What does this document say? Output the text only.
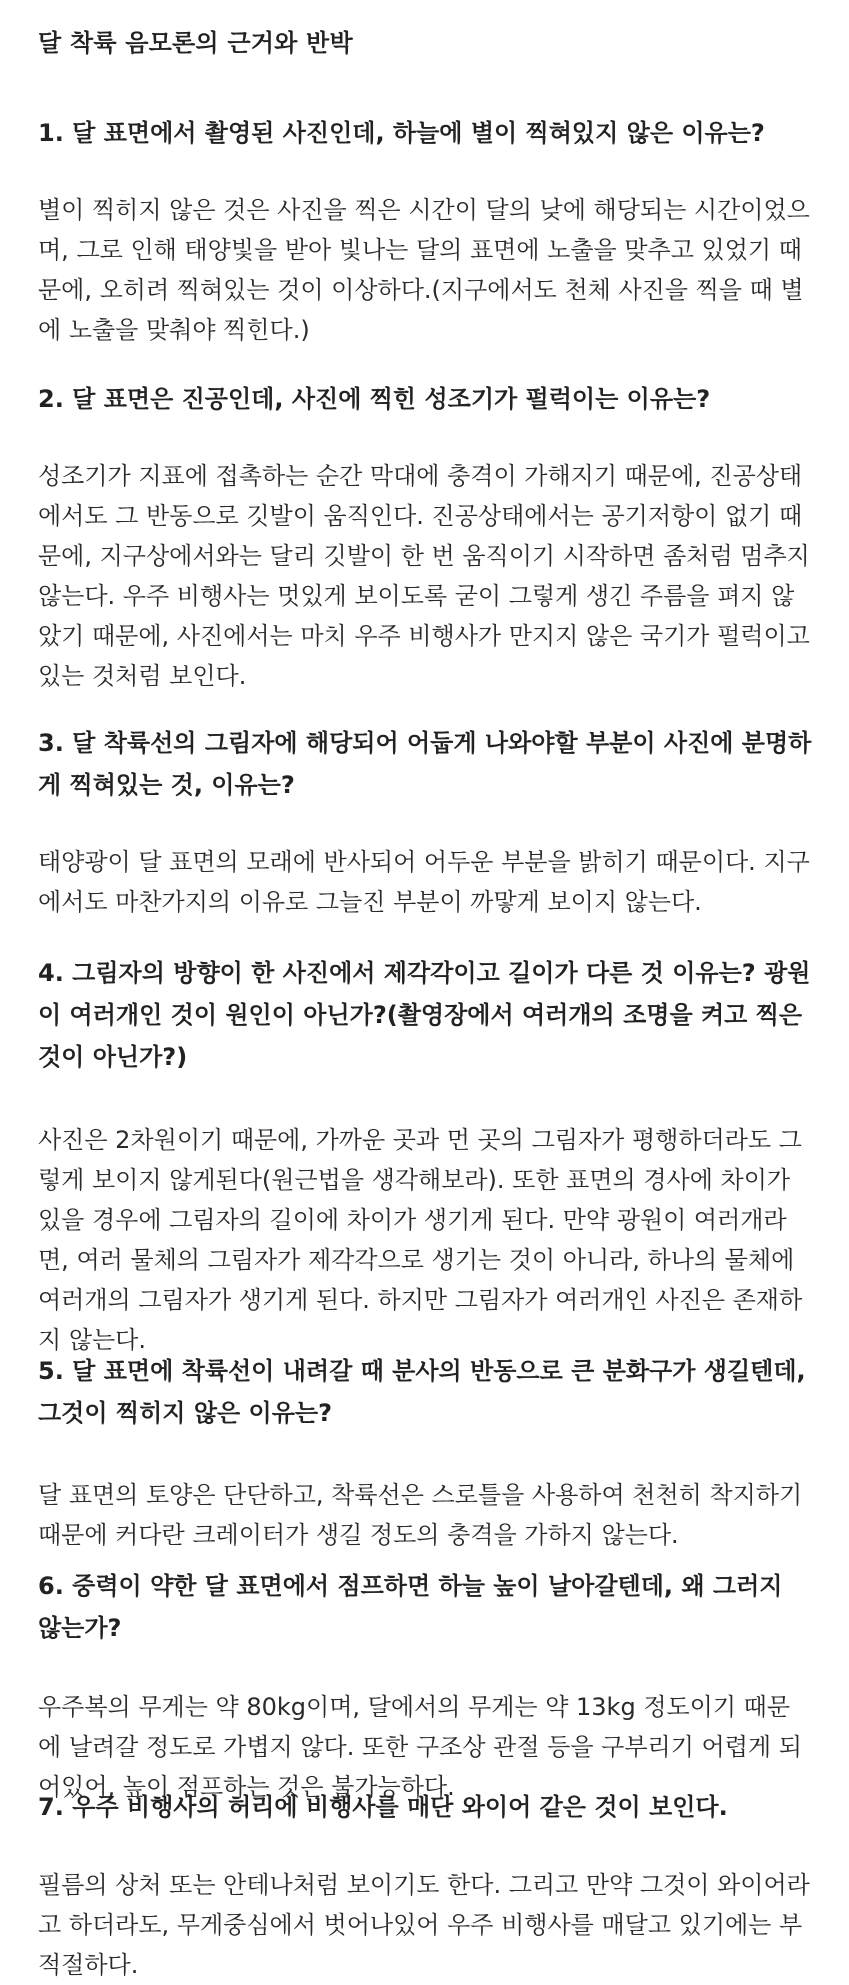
달 착륙 음모론의 근거와 반박

1. 달 표면에서 촬영된 사진인데, 하늘에 별이 찍혀있지 않은 이유는?

별이 찍히지 않은 것은 사진을 찍은 시간이 달의 낮에 해당되는 시간이었으며, 그로 인해 태양빛을 받아 빛나는 달의 표면에 노출을 맞추고 있었기 때문에, 오히려 찍혀있는 것이 이상하다.(지구에서도 천체 사진을 찍을 때 별에 노출을 맞춰야 찍힌다.)

2. 달 표면은 진공인데, 사진에 찍힌 성조기가 펄럭이는 이유는?

성조기가 지표에 접촉하는 순간 막대에 충격이 가해지기 때문에, 진공상태에서도 그 반동으로 깃발이 움직인다. 진공상태에서는 공기저항이 없기 때문에, 지구상에서와는 달리 깃발이 한 번 움직이기 시작하면 좀처럼 멈추지 않는다. 우주 비행사는 멋있게 보이도록 굳이 그렇게 생긴 주름을 펴지 않았기 때문에, 사진에서는 마치 우주 비행사가 만지지 않은 국기가 펄럭이고 있는 것처럼 보인다.

3. 달 착륙선의 그림자에 해당되어 어둡게 나와야할 부분이 사진에 분명하게 찍혀있는 것, 이유는?

태양광이 달 표면의 모래에 반사되어 어두운 부분을 밝히기 때문이다. 지구에서도 마찬가지의 이유로 그늘진 부분이 까맣게 보이지 않는다.

4. 그림자의 방향이 한 사진에서 제각각이고 길이가 다른 것 이유는? 광원이 여러개인 것이 원인이 아닌가?(촬영장에서 여러개의 조명을 켜고 찍은 것이 아닌가?)

사진은 2차원이기 때문에, 가까운 곳과 먼 곳의 그림자가 평행하더라도 그렇게 보이지 않게된다(원근법을 생각해보라). 또한 표면의 경사에 차이가 있을 경우에 그림자의 길이에 차이가 생기게 된다. 만약 광원이 여러개라면, 여러 물체의 그림자가 제각각으로 생기는 것이 아니라, 하나의 물체에 여러개의 그림자가 생기게 된다. 하지만 그림자가 여러개인 사진은 존재하지 않는다.

5. 달 표면에 착륙선이 내려갈 때 분사의 반동으로 큰 분화구가 생길텐데, 그것이 찍히지 않은 이유는?

달 표면의 토양은 단단하고, 착륙선은 스로틀을 사용하여 천천히 착지하기 때문에 커다란 크레이터가 생길 정도의 충격을 가하지 않는다.

6. 중력이 약한 달 표면에서 점프하면 하늘 높이 날아갈텐데, 왜 그러지 않는가?

우주복의 무게는 약 80kg이며, 달에서의 무게는 약 13kg 정도이기 때문에 날려갈 정도로 가볍지 않다. 또한 구조상 관절 등을 구부리기 어렵게 되어있어, 높이 점프하는 것은 불가능하다.

7. 우주 비행사의 허리에 비행사를 매단 와이어 같은 것이 보인다.

필름의 상처 또는 안테나처럼 보이기도 한다. 그리고 만약 그것이 와이어라고 하더라도, 무게중심에서 벗어나있어 우주 비행사를 매달고 있기에는 부적절하다.
